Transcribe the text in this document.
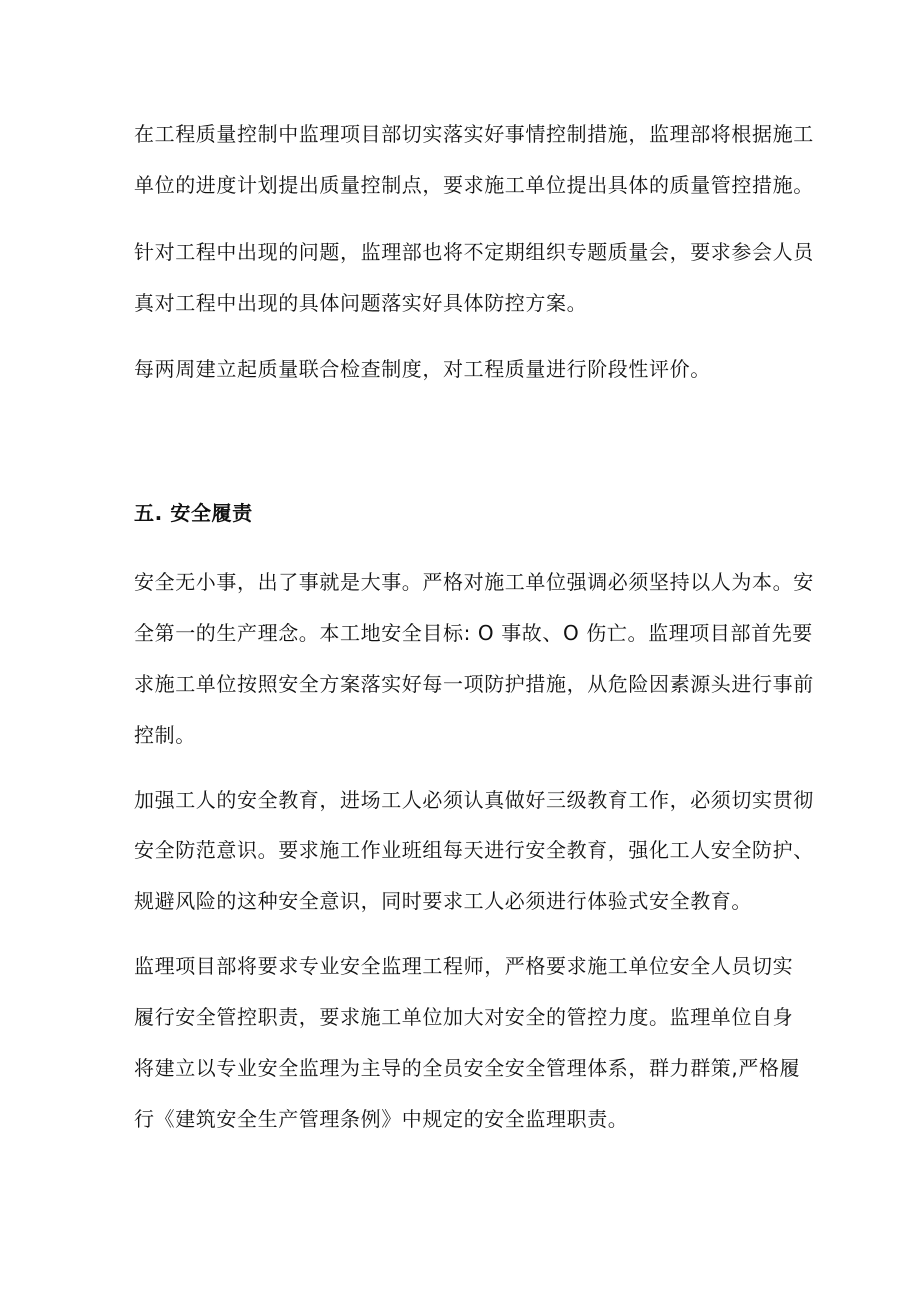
在工程质量控制中监理项目部切实落实好事情控制措施，监理部将根据施工

单位的进度计划提出质量控制点，要求施工单位提出具体的质量管控措施。

针对工程中出现的问题，监理部也将不定期组织专题质量会，要求参会人员

真对工程中出现的具体问题落实好具体防控方案。

每两周建立起质量联合检查制度，对工程质量进行阶段性评价。

五. 安全履责

安全无小事，出了事就是大事。严格对施工单位强调必须坚持以人为本。安

全第一的生产理念。本工地安全目标: O 事故、O 伤亡。监理项目部首先要

求施工单位按照安全方案落实好每一项防护措施，从危险因素源头进行事前

控制。

加强工人的安全教育，进场工人必须认真做好三级教育工作，必须切实贯彻

安全防范意识。要求施工作业班组每天进行安全教育，强化工人安全防护、

规避风险的这种安全意识，同时要求工人必须进行体验式安全教育。

监理项目部将要求专业安全监理工程师，严格要求施工单位安全人员切实

履行安全管控职责，要求施工单位加大对安全的管控力度。监理单位自身

将建立以专业安全监理为主导的全员安全安全管理体系，群力群策,严格履

行《建筑安全生产管理条例》中规定的安全监理职责。
